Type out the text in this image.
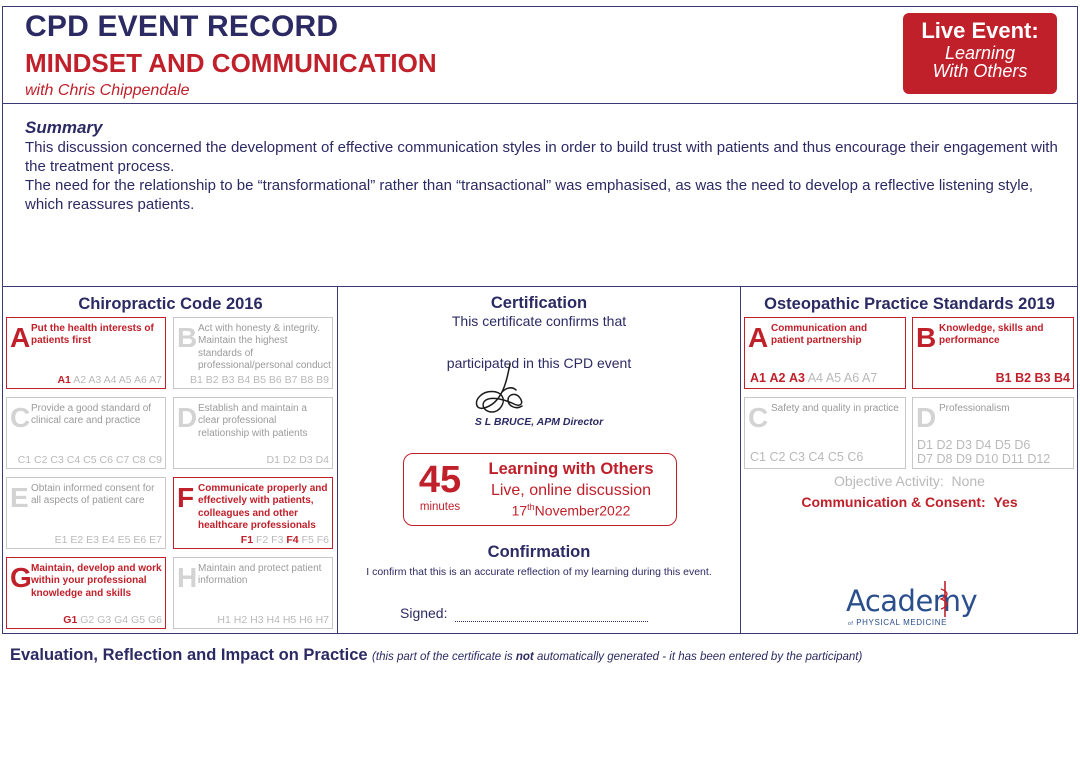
CPD EVENT RECORD
MINDSET AND COMMUNICATION
with Chris Chippendale
Live Event:
Learning
With Others
Summary

This discussion concerned the development of effective communication styles in order to build trust with patients and thus encourage their engagement with the treatment process.

The need for the relationship to be “transformational” rather than “transactional” was emphasised, as was the need to develop a reflective listening style, which reassures patients.

Chiropractic Code 2016
A Put the health interests of patients first
A1 A2 A3 A4 A5 A6 A7
B Act with honesty & integrity. Maintain the highest standards of professional/personal conduct
B1 B2 B3 B4 B5 B6 B7 B8 B9
C Provide a good standard of clinical care and practice
C1 C2 C3 C4 C5 C6 C7 C8 C9
D Establish and maintain a clear professional relationship with patients
D1 D2 D3 D4
E Obtain informed consent for all aspects of patient care
E1 E2 E3 E4 E5 E6 E7
F Communicate properly and effectively with patients, colleagues and other healthcare professionals
F1 F2 F3 F4 F5 F6
G Maintain, develop and work within your professional knowledge and skills
G1 G2 G3 G4 G5 G6
H Maintain and protect patient information
H1 H2 H3 H4 H5 H6 H7
Certification
This certificate confirms that
participated in this CPD event
S L BRUCE, APM Director
45
minutes
Learning with Others
Live, online discussion
17thNovember2022
Confirmation
I confirm that this is an accurate reflection of my learning during this event.
Signed:
Osteopathic Practice Standards 2019
A Communication and patient partnership
A1 A2 A3 A4 A5 A6 A7
B Knowledge, skills and performance
B1 B2 B3 B4
C Safety and quality in practice
C1 C2 C3 C4 C5 C6
D Professionalism
D1 D2 D3 D4 D5 D6
D7 D8 D9 D10 D11 D12
Objective Activity: None
Communication & Consent: Yes
Academy
of PHYSICAL MEDICINE
Evaluation, Reflection and Impact on Practice (this part of the certificate is not automatically generated - it has been entered by the participant)
